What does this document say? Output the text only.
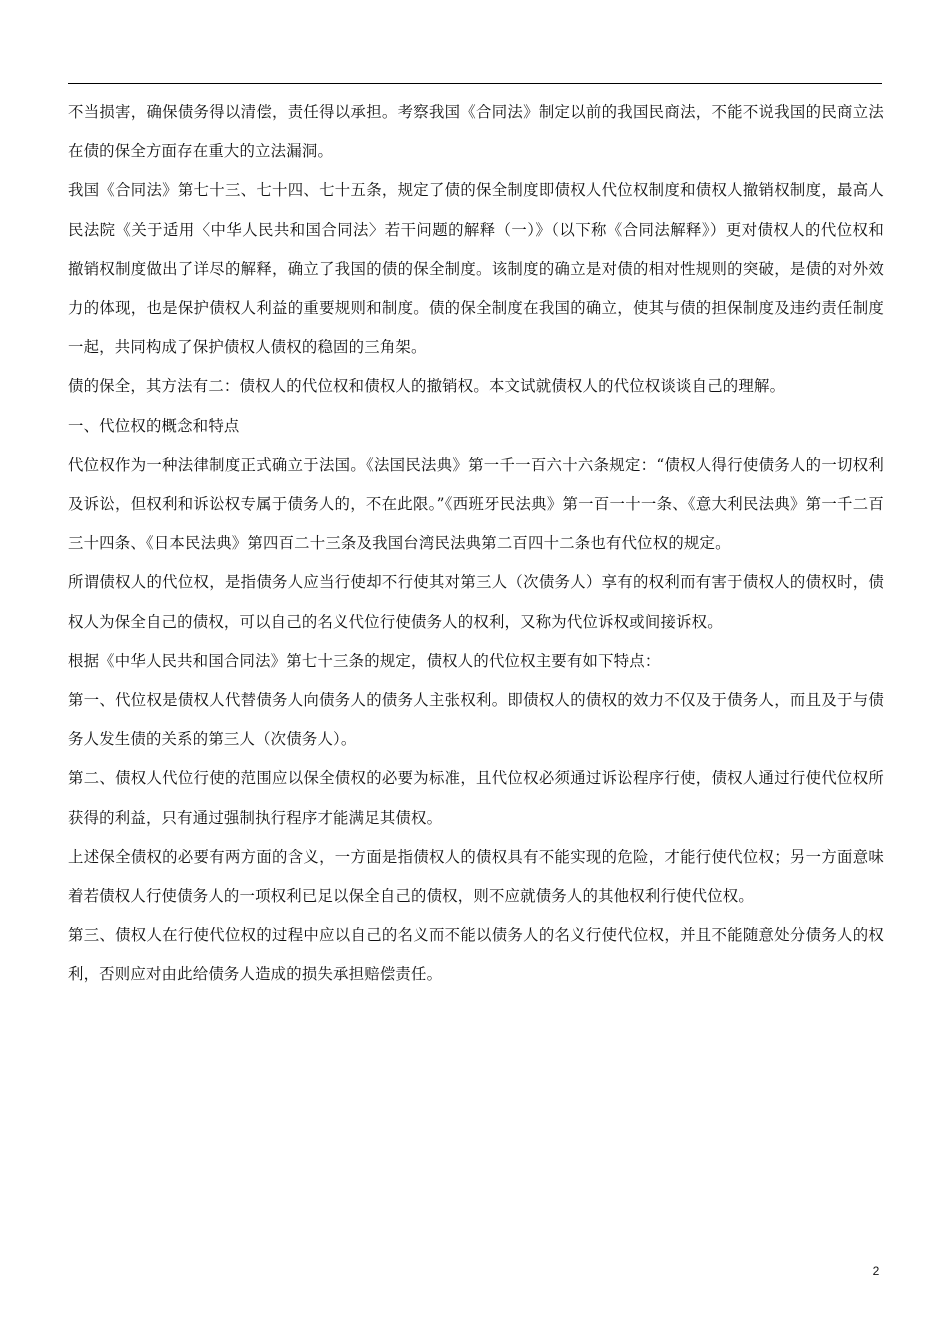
不当损害，确保债务得以清偿，责任得以承担。考察我国《合同法》制定以前的我国民商法，不能不说我国的民商立法在债的保全方面存在重大的立法漏洞。

我国《合同法》第七十三、七十四、七十五条，规定了债的保全制度即债权人代位权制度和债权人撤销权制度，最高人民法院《关于适用〈中华人民共和国合同法〉若干问题的解释（一）》（以下称《合同法解释》）更对债权人的代位权和撤销权制度做出了详尽的解释，确立了我国的债的保全制度。该制度的确立是对债的相对性规则的突破，是债的对外效力的体现，也是保护债权人利益的重要规则和制度。债的保全制度在我国的确立，使其与债的担保制度及违约责任制度一起，共同构成了保护债权人债权的稳固的三角架。

债的保全，其方法有二：债权人的代位权和债权人的撤销权。本文试就债权人的代位权谈谈自己的理解。

一、代位权的概念和特点

代位权作为一种法律制度正式确立于法国。《法国民法典》第一千一百六十六条规定：“债权人得行使债务人的一切权利及诉讼，但权利和诉讼权专属于债务人的，不在此限。”《西班牙民法典》第一百一十一条、《意大利民法典》第一千二百三十四条、《日本民法典》第四百二十三条及我国台湾民法典第二百四十二条也有代位权的规定。

所谓债权人的代位权，是指债务人应当行使却不行使其对第三人（次债务人）享有的权利而有害于债权人的债权时，债权人为保全自己的债权，可以自己的名义代位行使债务人的权利，又称为代位诉权或间接诉权。

根据《中华人民共和国合同法》第七十三条的规定，债权人的代位权主要有如下特点：

第一、代位权是债权人代替债务人向债务人的债务人主张权利。即债权人的债权的效力不仅及于债务人，而且及于与债务人发生债的关系的第三人（次债务人）。

第二、债权人代位行使的范围应以保全债权的必要为标准，且代位权必须通过诉讼程序行使，债权人通过行使代位权所获得的利益，只有通过强制执行程序才能满足其债权。

上述保全债权的必要有两方面的含义，一方面是指债权人的债权具有不能实现的危险，才能行使代位权；另一方面意味着若债权人行使债务人的一项权利已足以保全自己的债权，则不应就债务人的其他权利行使代位权。

第三、债权人在行使代位权的过程中应以自己的名义而不能以债务人的名义行使代位权，并且不能随意处分债务人的权利，否则应对由此给债务人造成的损失承担赔偿责任。

2
